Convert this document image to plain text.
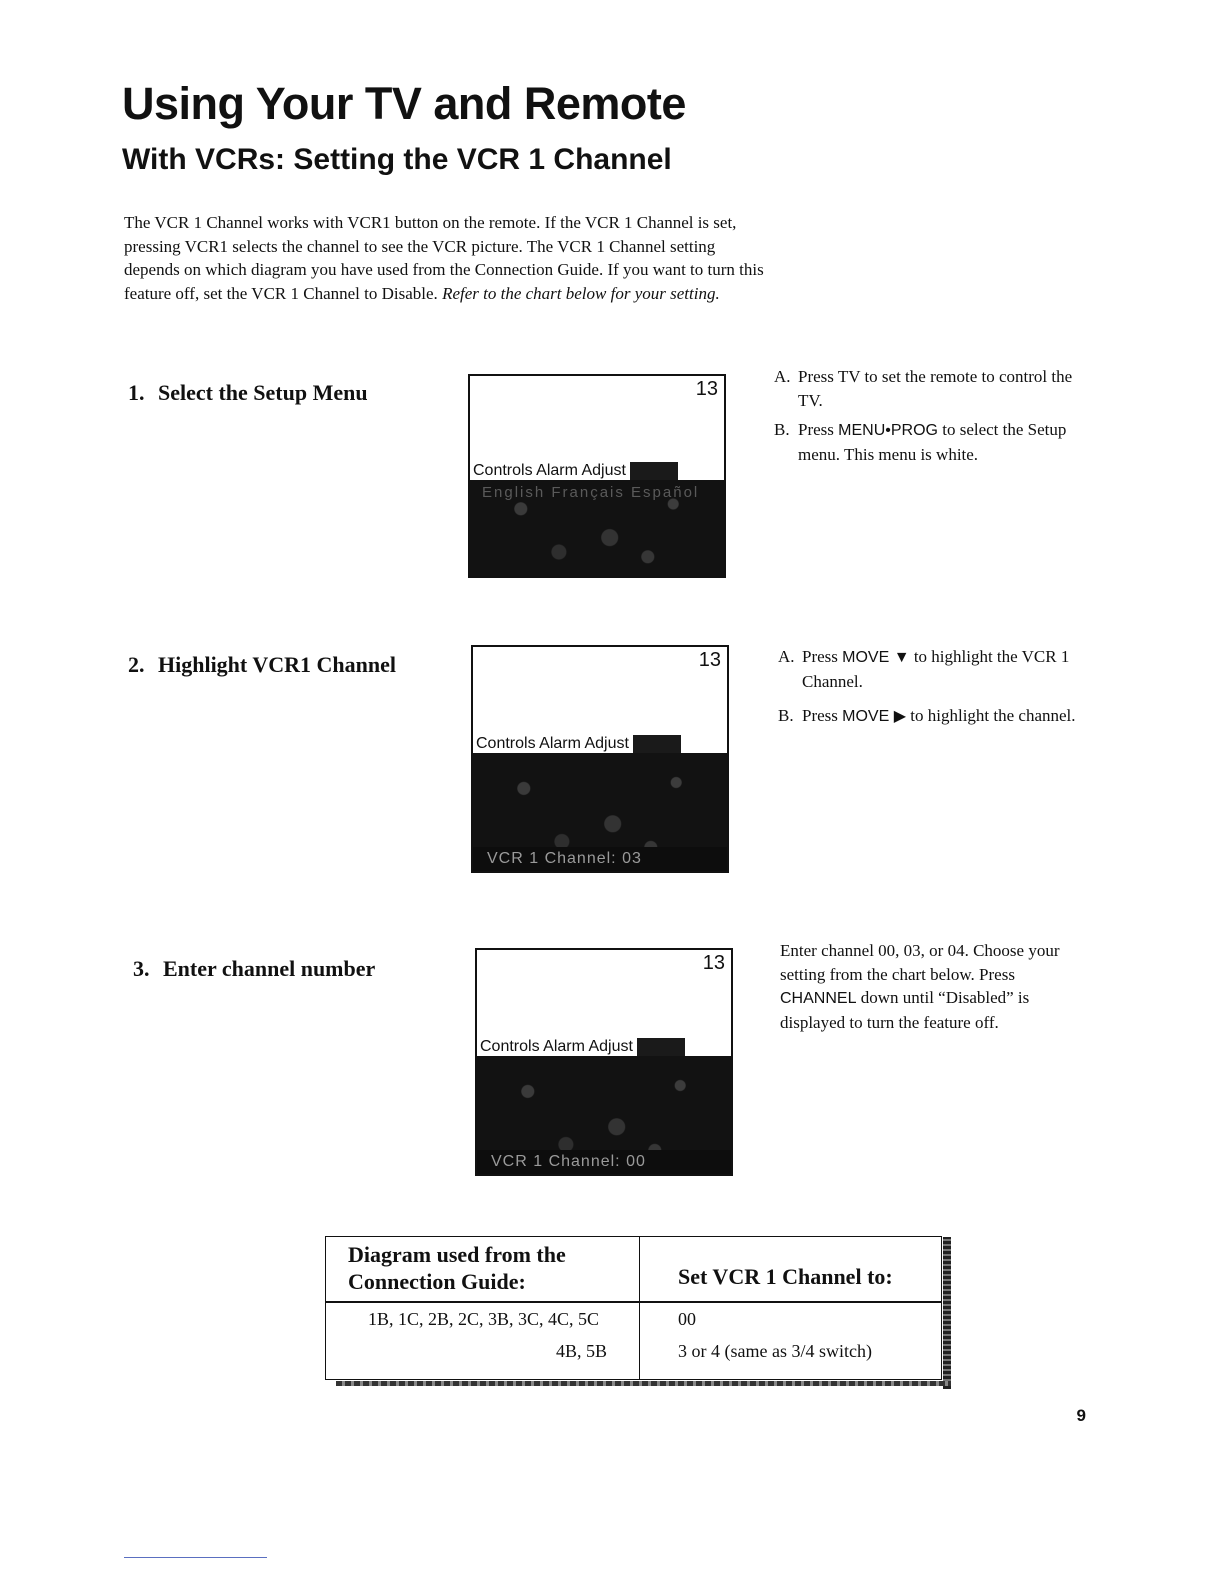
Using Your TV and Remote
With VCRs: Setting the VCR 1 Channel

The VCR 1 Channel works with VCR1 button on the remote. If the VCR 1 Channel is set, pressing VCR1 selects the channel to see the VCR picture. The VCR 1 Channel setting depends on which diagram you have used from the Connection Guide. If you want to turn this feature off, set the VCR 1 Channel to Disable. Refer to the chart below for your setting.

1. Select the Setup Menu	13
Controls Alarm Adjust
English Français Español
A. Press TV to set the remote to control the TV.
B. Press MENU•PROG to select the Setup menu. This menu is white.
2. Highlight VCR1 Channel	13
Controls Alarm Adjust
VCR 1 Channel: 03
A. Press MOVE ▼ to highlight the VCR 1 Channel.
B. Press MOVE ▶ to highlight the channel.
3. Enter channel number	13
Controls Alarm Adjust
VCR 1 Channel: 00

Enter channel 00, 03, or 04. Choose your setting from the chart below. Press CHANNEL down until “Disabled” is displayed to turn the feature off.

Diagram used from the Connection Guide:	Set VCR 1 Channel to:
1B, 1C, 2B, 2C, 3B, 3C, 4C, 5C	00
4B, 5B	3 or 4 (same as 3/4 switch)
9
